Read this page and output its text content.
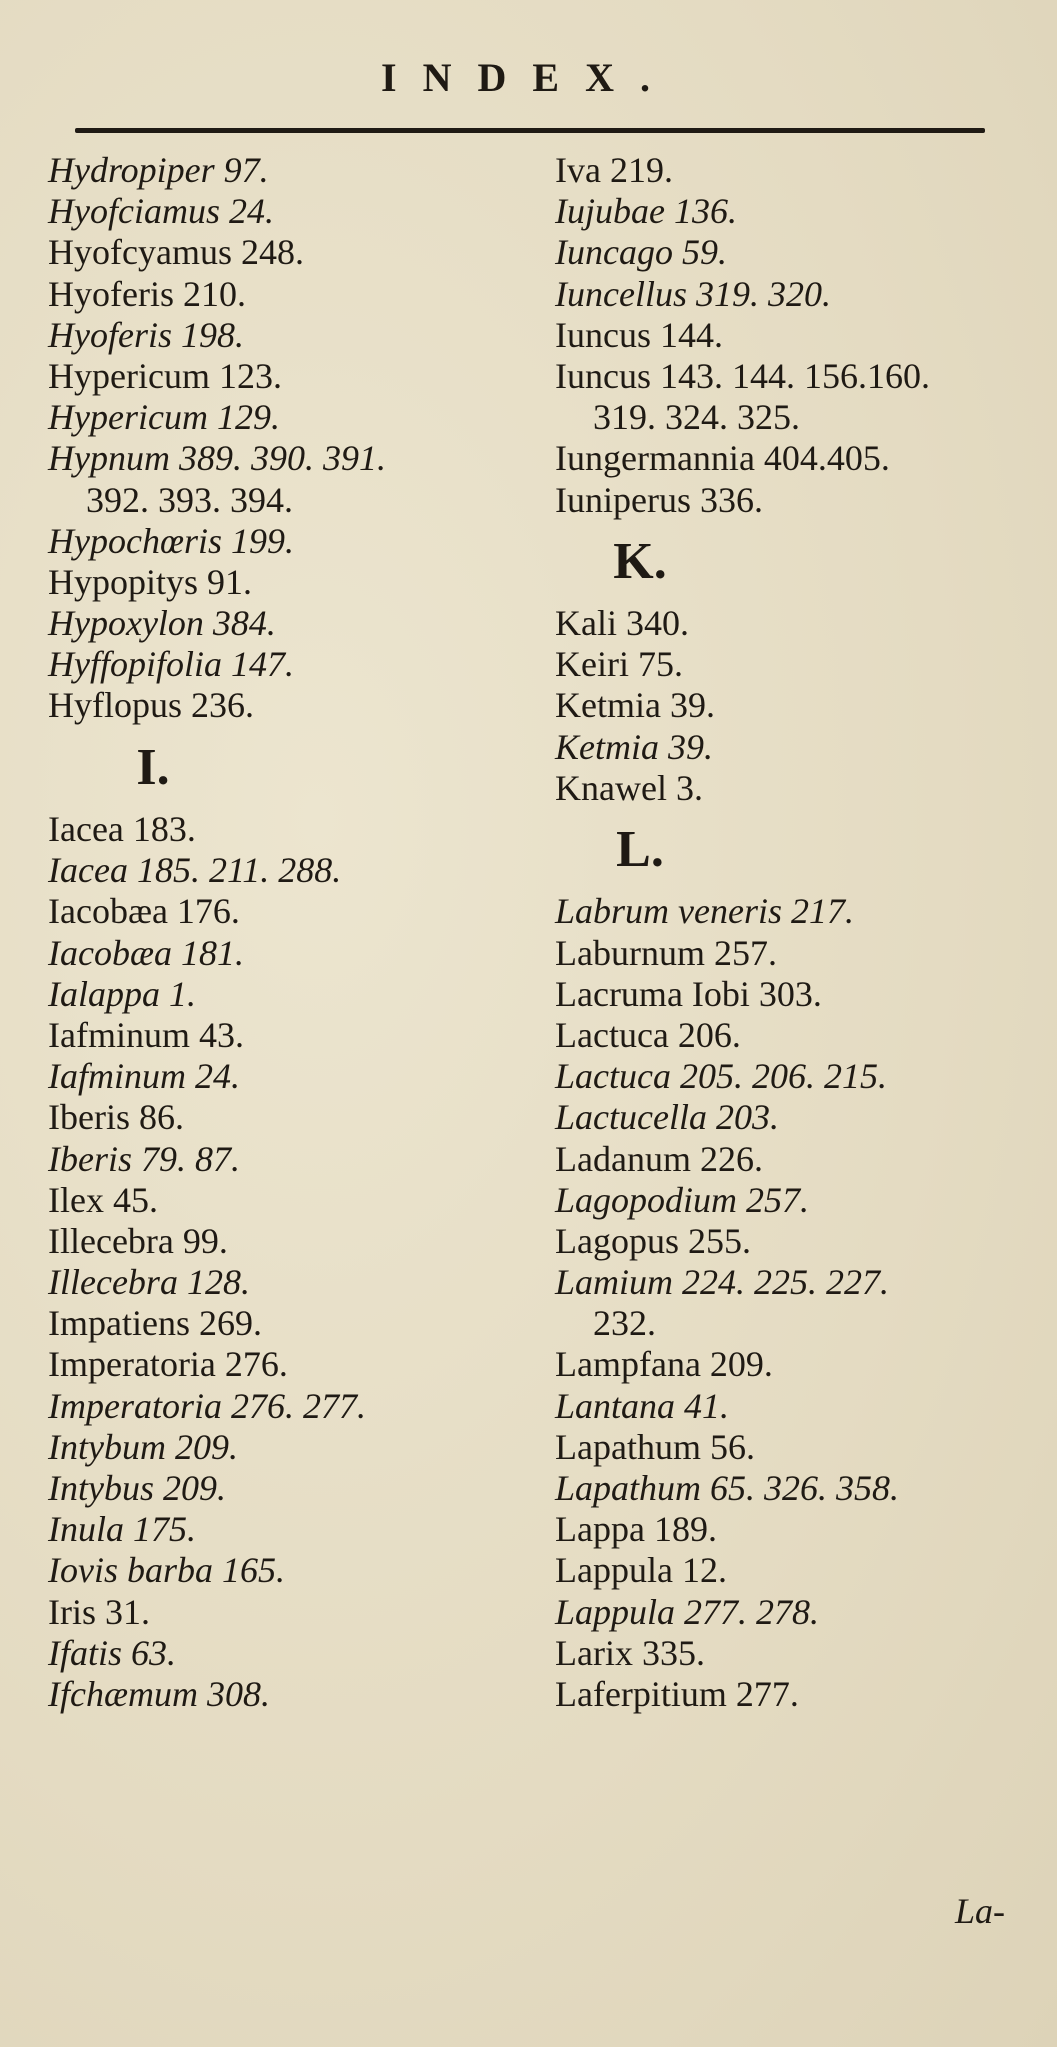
INDEX.
Hydropiper 97.
Hyofciamus 24.
Hyofcyamus 248.
Hyoferis 210.
Hyoferis 198.
Hypericum 123.
Hypericum 129.
Hypnum 389. 390. 391.
392. 393. 394.
Hypochœris 199.
Hypopitys 91.
Hypoxylon 384.
Hyffopifolia 147.
Hyflopus 236.
I.
Iacea 183.
Iacea 185. 211. 288.
Iacobæa 176.
Iacobæa 181.
Ialappa 1.
Iafminum 43.
Iafminum 24.
Iberis 86.
Iberis 79. 87.
Ilex 45.
Illecebra 99.
Illecebra 128.
Impatiens 269.
Imperatoria 276.
Imperatoria 276. 277.
Intybum 209.
Intybus 209.
Inula 175.
Iovis barba 165.
Iris 31.
Ifatis 63.
Ifchæmum 308.
Iva 219.
Iujubae 136.
Iuncago 59.
Iuncellus 319. 320.
Iuncus 144.
Iuncus 143. 144. 156.160.
319. 324. 325.
Iungermannia 404.405.
Iuniperus 336.
K.
Kali 340.
Keiri 75.
Ketmia 39.
Ketmia 39.
Knawel 3.
L.
Labrum veneris 217.
Laburnum 257.
Lacruma Iobi 303.
Lactuca 206.
Lactuca 205. 206. 215.
Lactucella 203.
Ladanum 226.
Lagopodium 257.
Lagopus 255.
Lamium 224. 225. 227.
232.
Lampfana 209.
Lantana 41.
Lapathum 56.
Lapathum 65. 326. 358.
Lappa 189.
Lappula 12.
Lappula 277. 278.
Larix 335.
Laferpitium 277.
La-
